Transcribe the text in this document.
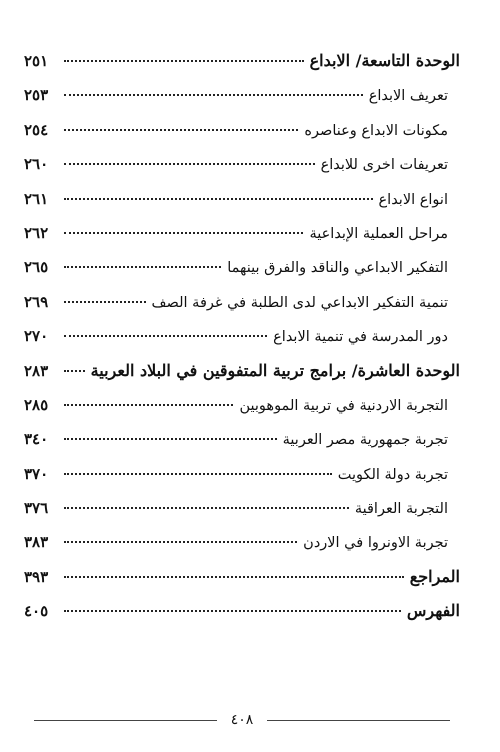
الوحدة التاسعة/ الابداع
٢٥١
تعريف الابداع
٢٥٣
مكونات الابداع وعناصره
٢٥٤
تعريفات اخرى للابداع
٢٦٠
انواع الابداع
٢٦١
مراحل العملية الإبداعية
٢٦٢
التفكير الابداعي والناقد والفرق بينهما
٢٦٥
تنمية التفكير الابداعي لدى الطلبة في غرفة الصف
٢٦٩
دور المدرسة في تنمية الابداع
٢٧٠
الوحدة العاشرة/ برامج تربية المتفوقين في البلاد العربية
٢٨٣
التجربة الاردنية في تربية الموهوبين
٢٨٥
تجربة جمهورية مصر العربية
٣٤٠
تجربة دولة الكويت
٣٧٠
التجربة العراقية
٣٧٦
تجربة الاونروا في الاردن
٣٨٣
المراجع
٣٩٣
الفهرس
٤٠٥
٤٠٨
